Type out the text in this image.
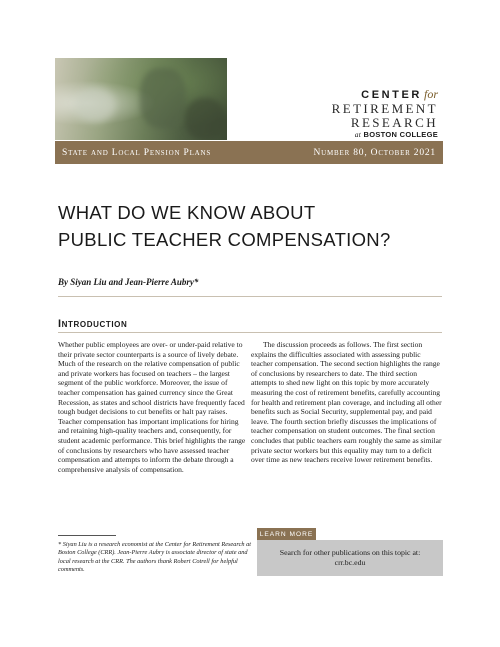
CENTER for
RETIREMENT
RESEARCH
at BOSTON COLLEGE
State and Local Pension Plans	Number 80, October 2021
WHAT DO WE KNOW ABOUT
PUBLIC TEACHER COMPENSATION?
By Siyan Liu and Jean-Pierre Aubry*
Introduction
Whether public employees are over- or under-paid relative to their private sector counterparts is a source of lively debate. Much of the research on the relative compensation of public and private workers has focused on teachers – the largest segment of the public workforce. Moreover, the issue of teacher compensation has gained currency since the Great Recession, as states and school districts have frequently faced tough budget decisions to cut benefits or halt pay raises. Teacher compensation has important implications for hiring and retaining high-quality teachers and, consequently, for student academic performance. This brief highlights the range of conclusions by researchers who have assessed teacher compensation and attempts to inform the debate through a comprehensive analysis of compensation.
The discussion proceeds as follows. The first section explains the difficulties associated with assessing public teacher compensation. The second section highlights the range of conclusions by researchers to date. The third section attempts to shed new light on this topic by more accurately measuring the cost of retirement benefits, carefully accounting for health and retirement plan coverage, and including all other benefits such as Social Security, supplemental pay, and paid leave. The fourth section briefly discusses the implications of teacher compensation on student outcomes. The final section concludes that public teachers earn roughly the same as similar private sector workers but this equality may turn to a deficit over time as new teachers receive lower retirement benefits.
* Siyan Liu is a research economist at the Center for Retirement Research at Boston College (CRR). Jean-Pierre Aubry is associate director of state and local research at the CRR. The authors thank Robert Cotrell for helpful comments.
LEARN MORE
Search for other publications on this topic at:
crr.bc.edu
